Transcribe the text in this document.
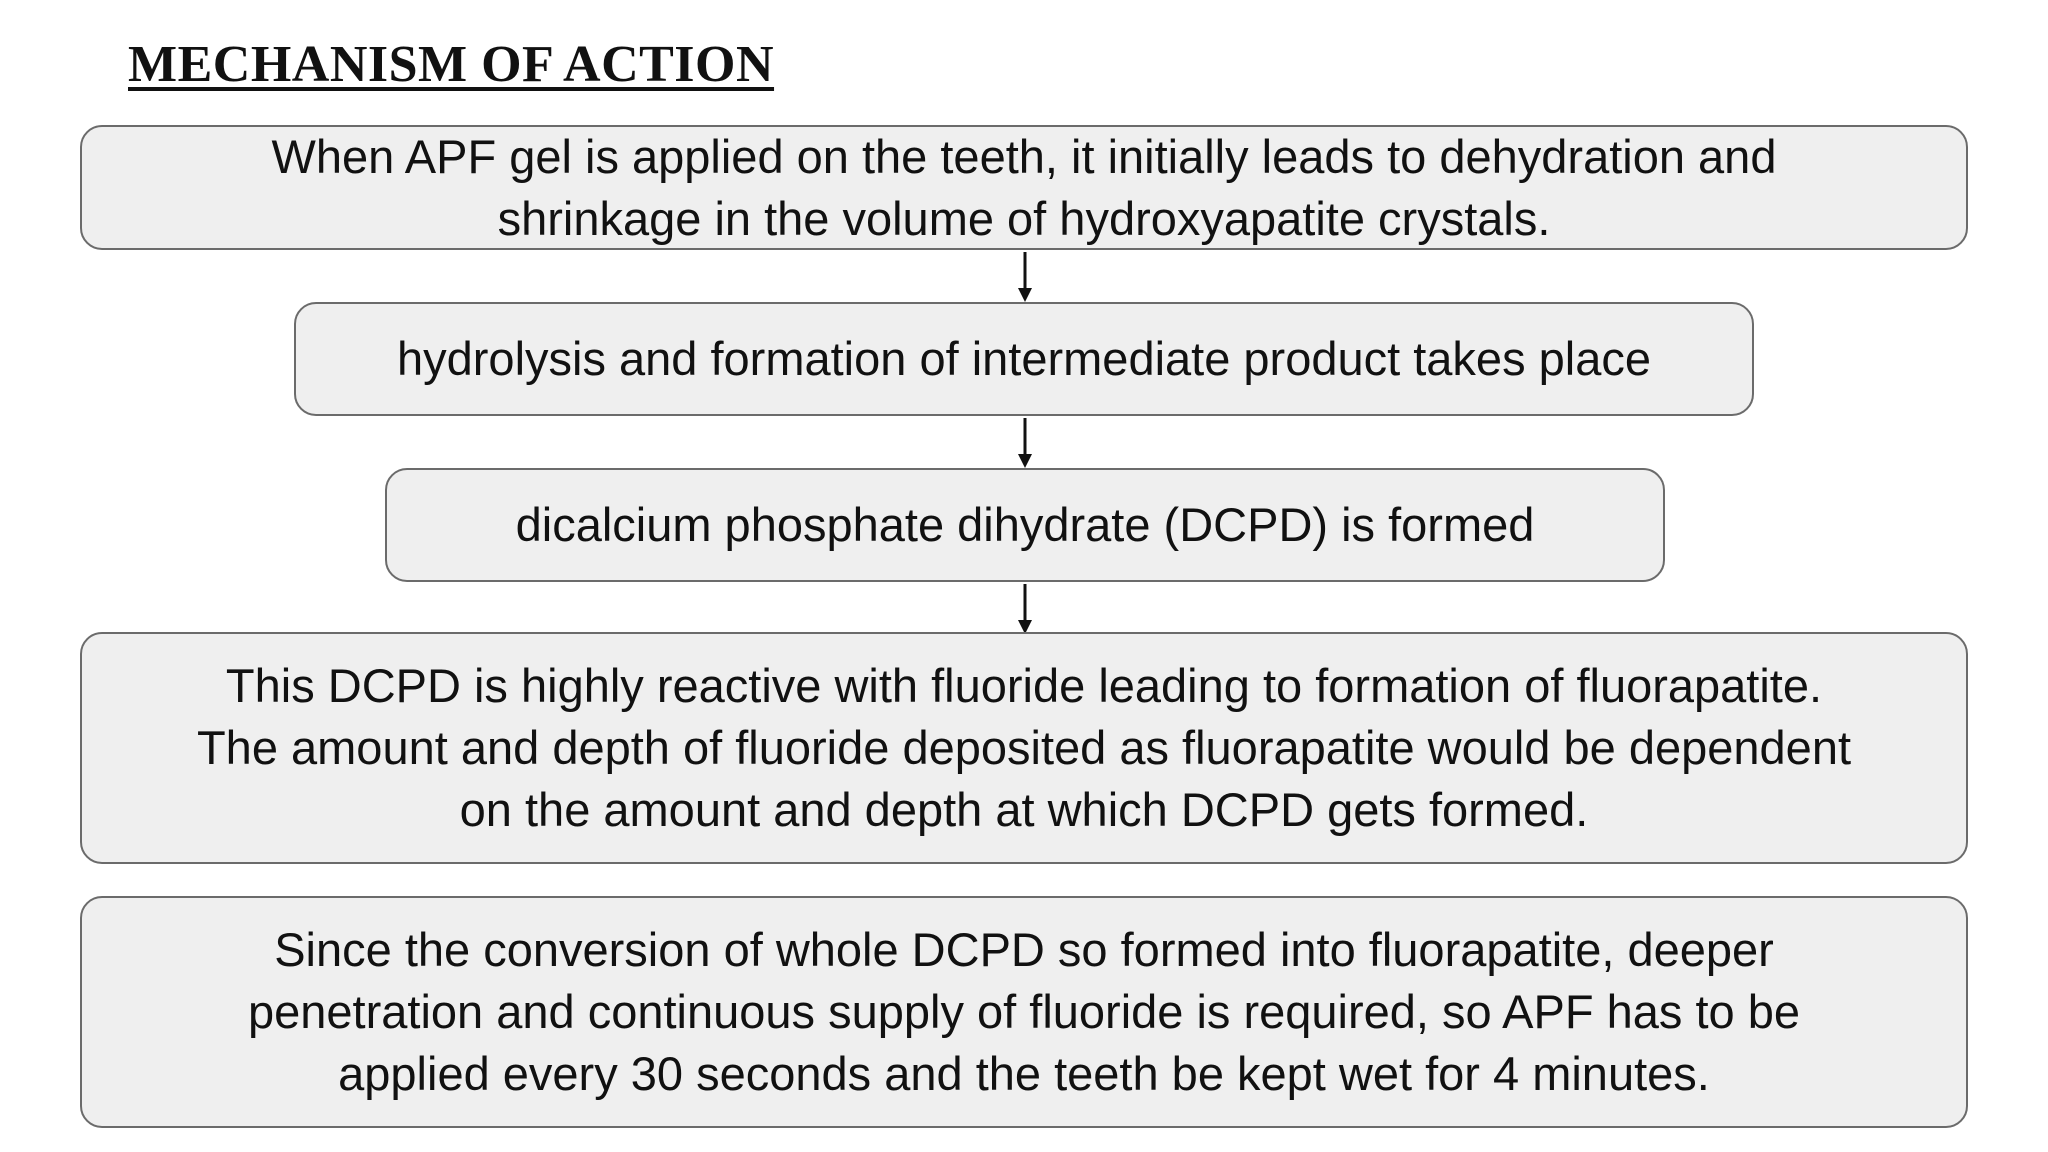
MECHANISM OF ACTION
When APF gel is applied on the teeth, it initially leads to dehydration and
shrinkage in the volume of hydroxyapatite crystals.
hydrolysis and formation of intermediate product takes place
dicalcium phosphate dihydrate (DCPD) is formed
This DCPD is highly reactive with fluoride leading to formation of fluorapatite.
The amount and depth of fluoride deposited as fluorapatite would be dependent
on the amount and depth at which DCPD gets formed.
Since the conversion of whole DCPD so formed into fluorapatite, deeper
penetration and continuous supply of fluoride is required, so APF has to be
applied every 30 seconds and the teeth be kept wet for 4 minutes.
